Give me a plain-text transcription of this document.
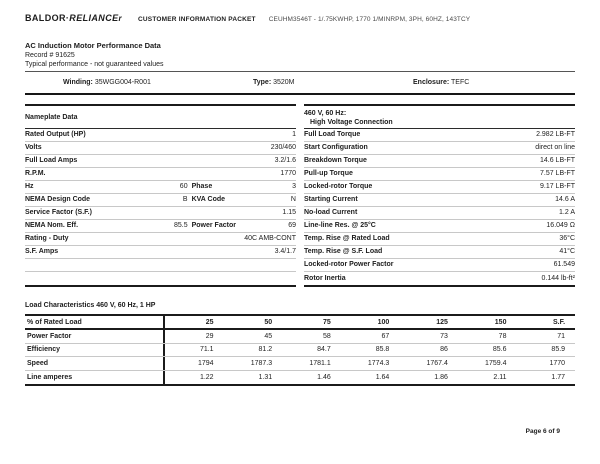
BALDOR·RELIANCEr CUSTOMER INFORMATION PACKET CEUHM3546T - 1/.75KWHP, 1770 1/MINRPM, 3PH, 60HZ, 143TCY
AC Induction Motor Performance Data
Record # 91625
Typical performance - not guaranteed values
Winding: 35WGG004-R001	Type: 3520M	Enclosure: TEFC
Nameplate Data
Rated Output (HP)	1
Volts	230/460
Full Load Amps	3.2/1.6
R.P.M.	1770
Hz	60 Phase	3
NEMA Design Code	B KVA Code	N
Service Factor (S.F.)	1.15
NEMA Nom. Eff.	85.5 Power Factor	69
Rating - Duty	40C AMB-CONT
S.F. Amps	3.4/1.7
460 V, 60 Hz:
High Voltage Connection
Full Load Torque	2.982 LB-FT
Start Configuration	direct on line
Breakdown Torque	14.6 LB-FT
Pull-up Torque	7.57 LB-FT
Locked-rotor Torque	9.17 LB-FT
Starting Current	14.6 A
No-load Current	1.2 A
Line-line Res. @ 25°C	16.049 Ω
Temp. Rise @ Rated Load	36°C
Temp. Rise @ S.F. Load	41°C
Locked-rotor Power Factor	61.549
Rotor Inertia	0.144 lb-ft²
Load Characteristics 460 V, 60 Hz, 1 HP
% of Rated Load	25	50	75	100	125	150	S.F.
Power Factor	29	45	58	67	73	78	71
Efficiency	71.1	81.2	84.7	85.8	86	85.6	85.9
Speed	1794	1787.3	1781.1	1774.3	1767.4	1759.4	1770
Line amperes	1.22	1.31	1.46	1.64	1.86	2.11	1.77
Page 6 of 9
